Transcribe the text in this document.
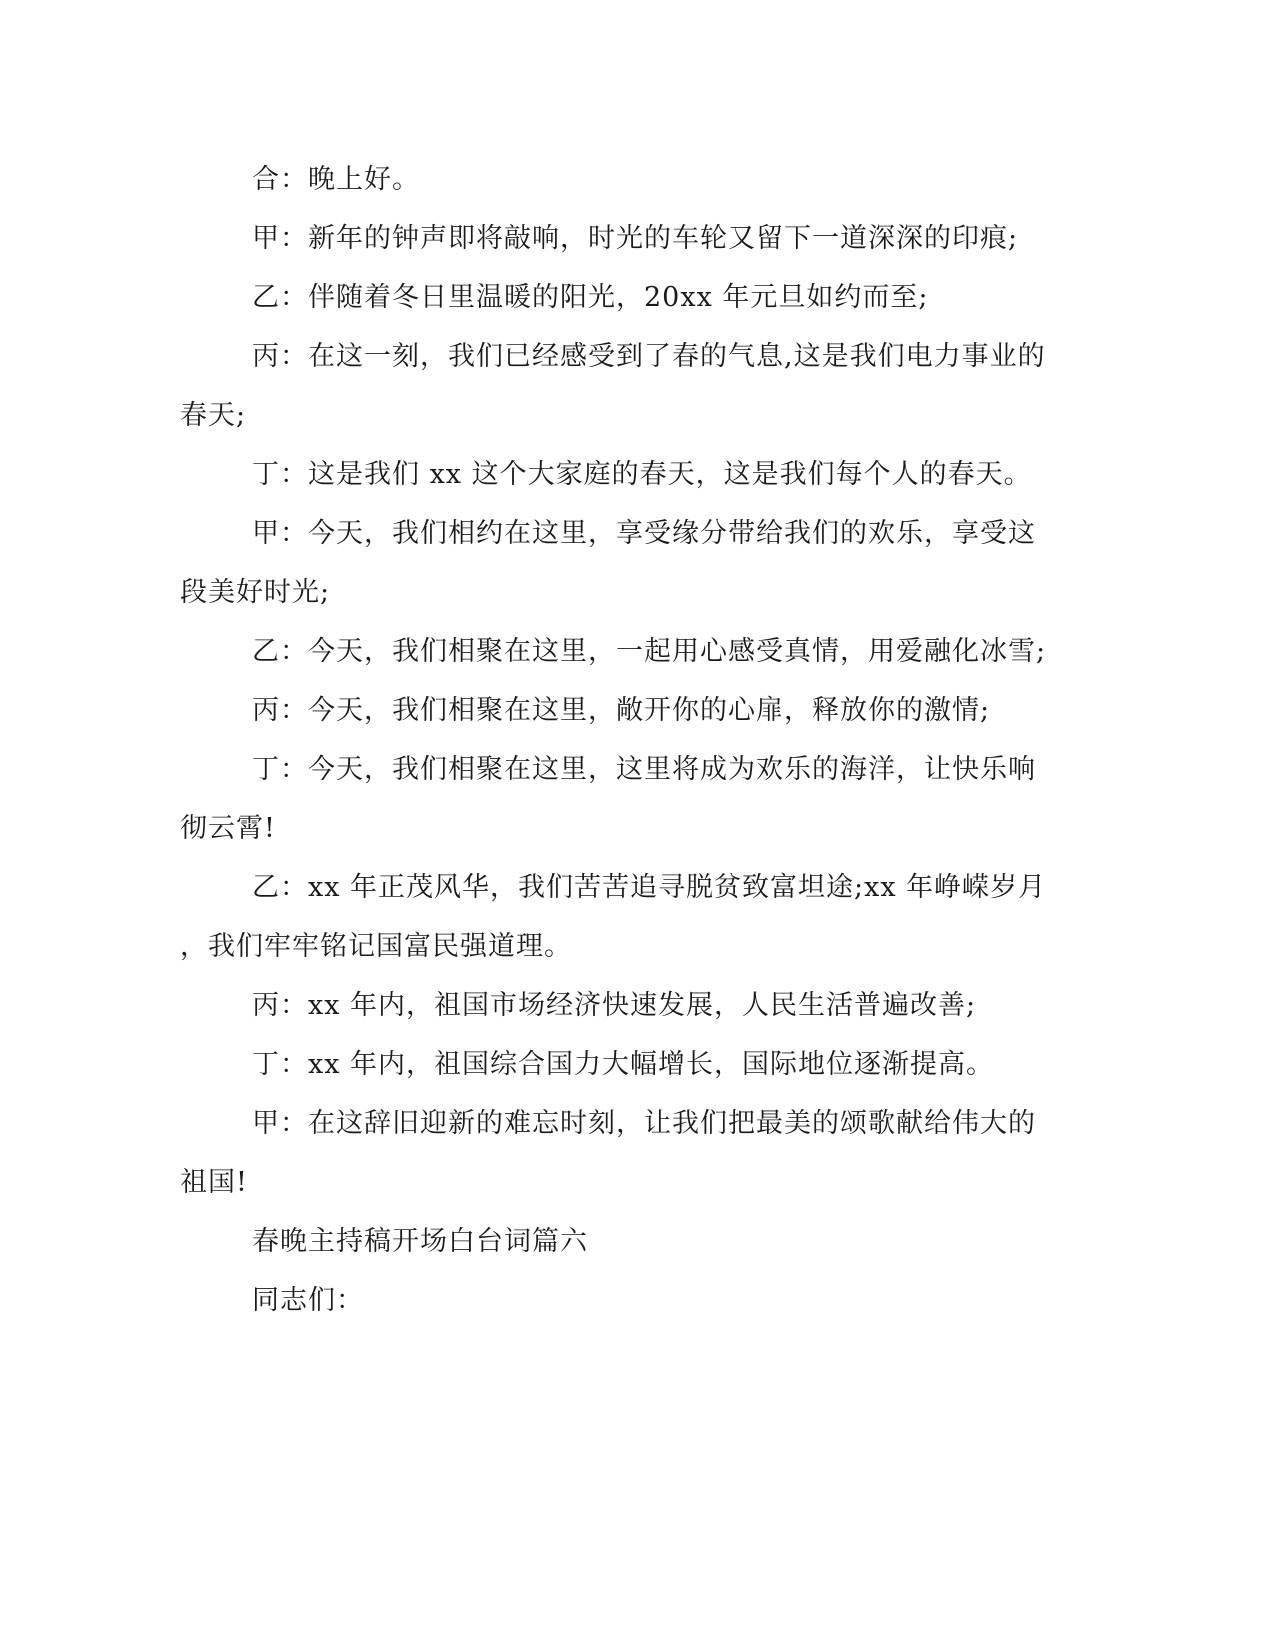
合：晚上好。

甲：新年的钟声即将敲响，时光的车轮又留下一道深深的印痕;

乙：伴随着冬日里温暖的阳光，20xx 年元旦如约而至;

丙：在这一刻，我们已经感受到了春的气息,这是我们电力事业的

春天;

丁：这是我们 xx 这个大家庭的春天，这是我们每个人的春天。

甲：今天，我们相约在这里，享受缘分带给我们的欢乐，享受这

段美好时光;

乙：今天，我们相聚在这里，一起用心感受真情，用爱融化冰雪;

丙：今天，我们相聚在这里，敞开你的心扉，释放你的激情;

丁：今天，我们相聚在这里，这里将成为欢乐的海洋，让快乐响

彻云霄!

乙：xx 年正茂风华，我们苦苦追寻脱贫致富坦途;xx 年峥嵘岁月

，我们牢牢铭记国富民强道理。

丙：xx 年内，祖国市场经济快速发展，人民生活普遍改善;

丁：xx 年内，祖国综合国力大幅增长，国际地位逐渐提高。

甲：在这辞旧迎新的难忘时刻，让我们把最美的颂歌献给伟大的

祖国!

春晚主持稿开场白台词篇六

同志们：
